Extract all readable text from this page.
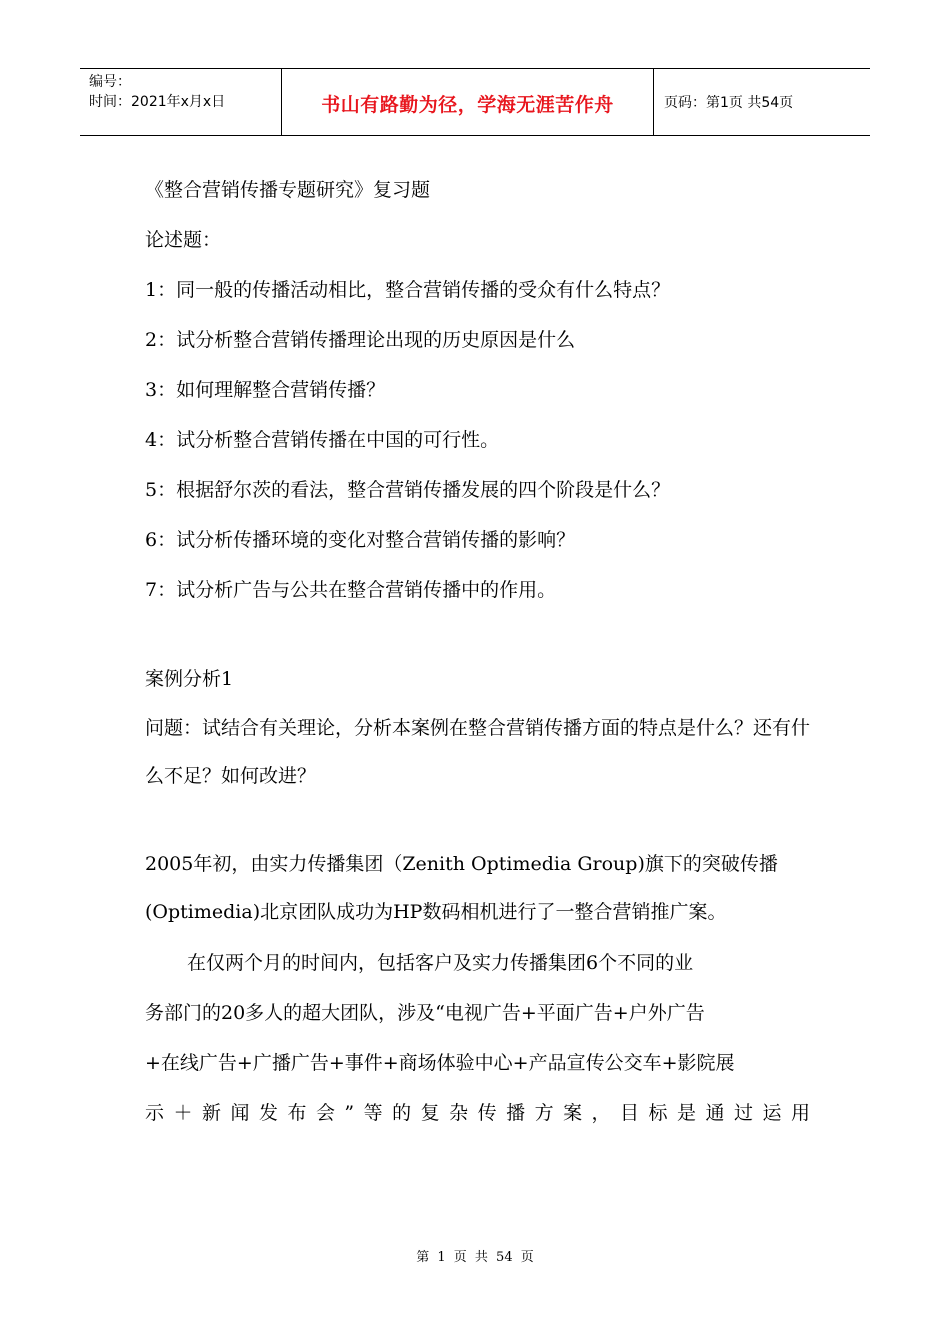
编号：
时间：2021年x月x日	书山有路勤为径，学海无涯苦作舟	页码：第1页 共54页

《整合营销传播专题研究》复习题

论述题：

1：同一般的传播活动相比，整合营销传播的受众有什么特点？

2：试分析整合营销传播理论出现的历史原因是什么

3：如何理解整合营销传播？

4：试分析整合营销传播在中国的可行性。

5：根据舒尔茨的看法，整合营销传播发展的四个阶段是什么？

6：试分析传播环境的变化对整合营销传播的影响？

7：试分析广告与公共在整合营销传播中的作用。

案例分析1

问题：试结合有关理论，分析本案例在整合营销传播方面的特点是什么？还有什么不足？如何改进？

2005年初，由实力传播集团（Zenith Optimedia Group)旗下的突破传播(Optimedia)北京团队成功为HP数码相机进行了一整合营销推广案。

在仅两个月的时间内，包括客户及实力传播集团6个不同的业

务部门的20多人的超大团队，涉及“电视广告+平面广告+户外广告

+在线广告+广播广告+事件+商场体验中心+产品宣传公交车+影院展

示＋新闻发布会”等的复杂传播方案，目标是通过运用

第 1 页 共 54 页
